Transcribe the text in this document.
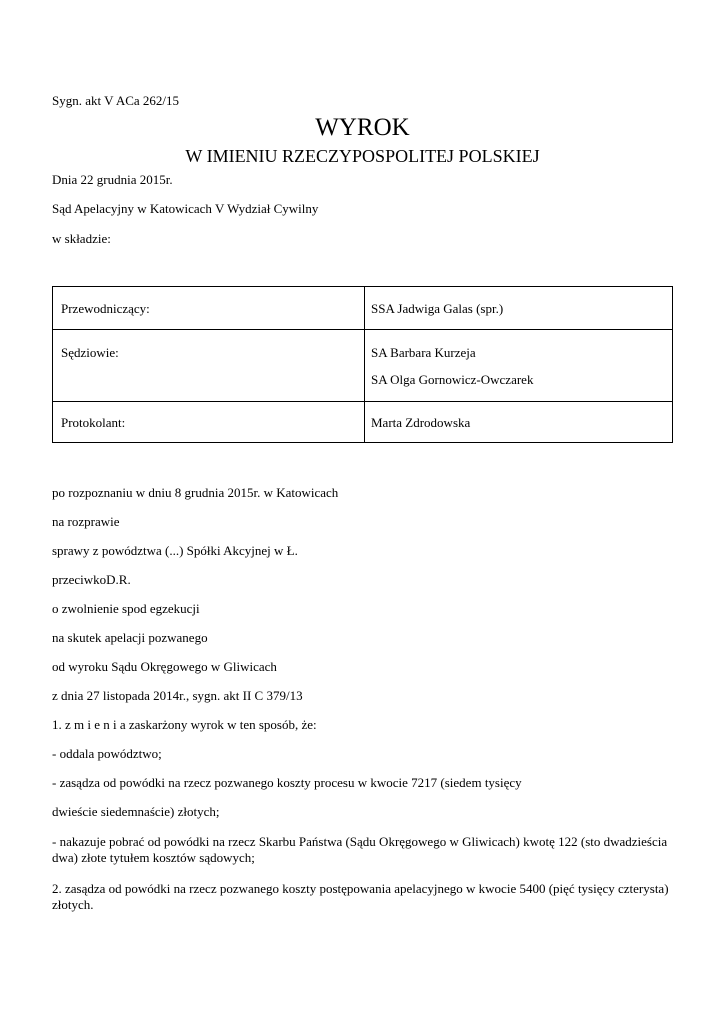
Sygn. akt V ACa 262/15
WYROK
W IMIENIU RZECZYPOSPOLITEJ POLSKIEJ
Dnia 22 grudnia 2015r.
Sąd Apelacyjny w Katowicach V Wydział Cywilny
w składzie:
Przewodniczący:	SSA Jadwiga Galas (spr.)
Sędziowie:	SA Barbara Kurzeja
SA Olga Gornowicz-Owczarek
Protokolant:	Marta Zdrodowska
po rozpoznaniu w dniu 8 grudnia 2015r. w Katowicach
na rozprawie
sprawy z powództwa (...) Spółki Akcyjnej w Ł.
przeciwkoD.R.
o zwolnienie spod egzekucji
na skutek apelacji pozwanego
od wyroku Sądu Okręgowego w Gliwicach
z dnia 27 listopada 2014r., sygn. akt II C 379/13
1. z m i e n i a zaskarżony wyrok w ten sposób, że:
- oddala powództwo;
- zasądza od powódki na rzecz pozwanego koszty procesu w kwocie 7217 (siedem tysięcy
dwieście siedemnaście) złotych;
- nakazuje pobrać od powódki na rzecz Skarbu Państwa (Sądu Okręgowego w Gliwicach) kwotę 122 (sto dwadzieścia dwa) złote tytułem kosztów sądowych;
2. zasądza od powódki na rzecz pozwanego koszty postępowania apelacyjnego w kwocie 5400 (pięć tysięcy czterysta) złotych.
